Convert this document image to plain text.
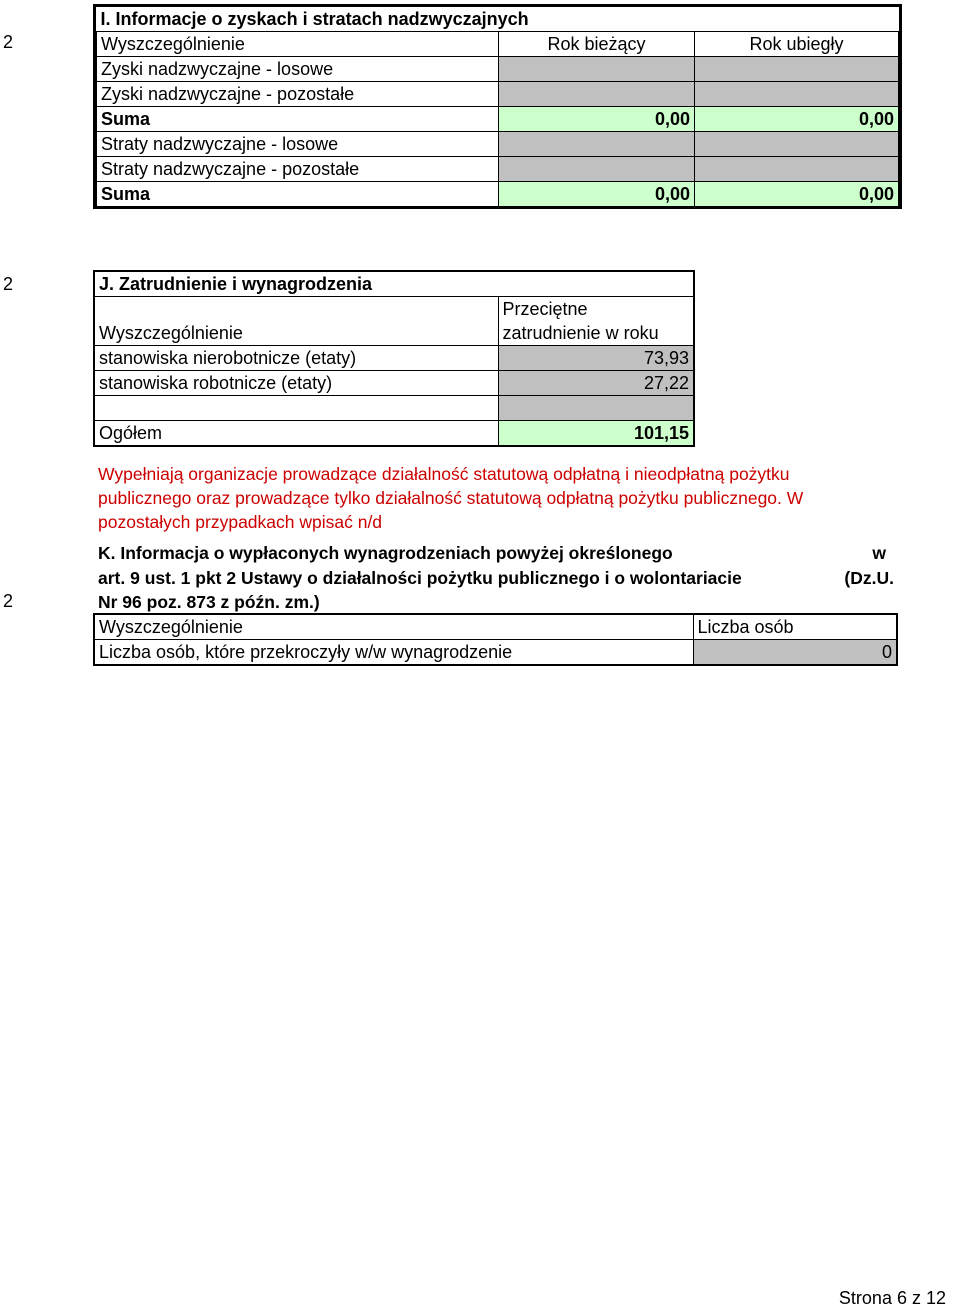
2
I. Informacje o zyskach i stratach nadzwyczajnych		
Wyszczególnienie	Rok bieżący	Rok ubiegły
Zyski nadzwyczajne - losowe		
Zyski nadzwyczajne - pozostałe		
Suma	0,00	0,00
Straty nadzwyczajne - losowe		
Straty nadzwyczajne - pozostałe		
Suma	0,00	0,00
2	J. Zatrudnienie i wynagrodzenia	
	Przeciętne
Wyszczególnienie	zatrudnienie w roku
stanowiska nierobotnicze (etaty)	73,93
stanowiska robotnicze (etaty)	27,22

Ogółem	101,15
Wypełniają organizacje prowadzące działalność statutową odpłatną i nieodpłatną pożytku
publicznego oraz prowadzące tylko działalność statutową odpłatną pożytku publicznego. W
pozostałych przypadkach wpisać n/d
2
K. Informacja o wypłaconych wynagrodzeniach powyżej określonego	w
art. 9 ust. 1 pkt 2 Ustawy o działalności pożytku publicznego i o wolontariacie	(Dz.U.
Nr 96 poz. 873 z późn. zm.)
Wyszczególnienie	Liczba osób
Liczba osób, które przekroczyły w/w wynagrodzenie	0
Strona 6 z 12
